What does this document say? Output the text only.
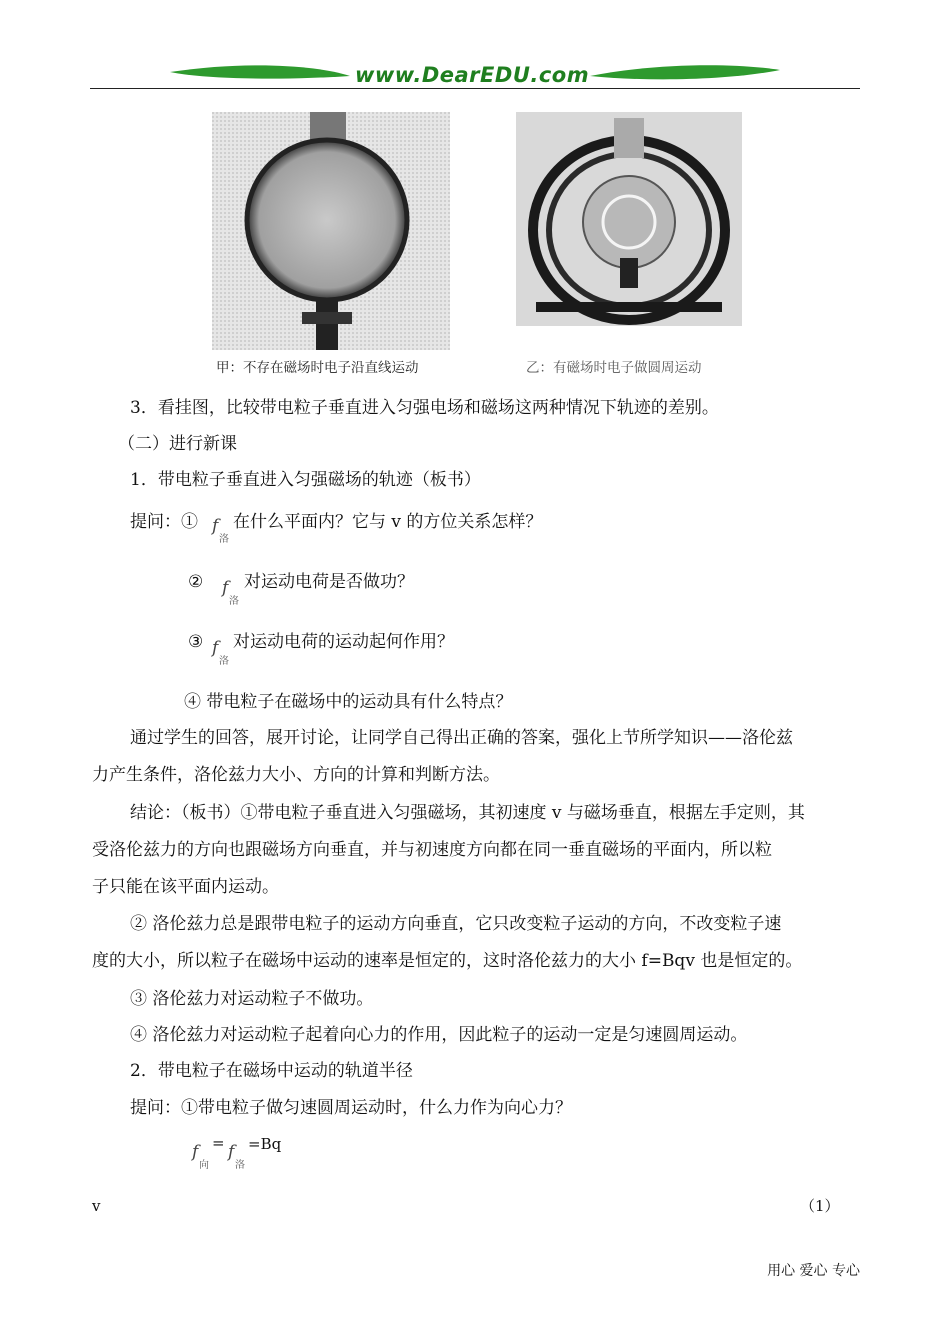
www.DearEDU.com
甲：不存在磁场时电子沿直线运动	乙：有磁场时电子做圆周运动
3．看挂图，比较带电粒子垂直进入匀强电场和磁场这两种情况下轨迹的差别。
（二）进行新课
1．带电粒子垂直进入匀强磁场的轨迹（板书）
提问：① f
洛
在什么平面内？它与 v 的方位关系怎样？
② f
洛
对运动电荷是否做功？
③ f
洛
对运动电荷的运动起何作用？
④ 带电粒子在磁场中的运动具有什么特点？
通过学生的回答，展开讨论，让同学自己得出正确的答案，强化上节所学知识——洛伦兹
力产生条件，洛伦兹力大小、方向的计算和判断方法。
结论：（板书）①带电粒子垂直进入匀强磁场，其初速度 v 与磁场垂直，根据左手定则，其
受洛伦兹力的方向也跟磁场方向垂直，并与初速度方向都在同一垂直磁场的平面内，所以粒
子只能在该平面内运动。
② 洛伦兹力总是跟带电粒子的运动方向垂直，它只改变粒子运动的方向，不改变粒子速
度的大小，所以粒子在磁场中运动的速率是恒定的，这时洛伦兹力的大小 f=Bqv 也是恒定的。
③ 洛伦兹力对运动粒子不做功。
④ 洛伦兹力对运动粒子起着向心力的作用，因此粒子的运动一定是匀速圆周运动。
2．带电粒子在磁场中运动的轨道半径
提问：①带电粒子做匀速圆周运动时，什么力作为向心力？
f
向
= f
洛
=Bq
v	（1）
用心 爱心 专心
